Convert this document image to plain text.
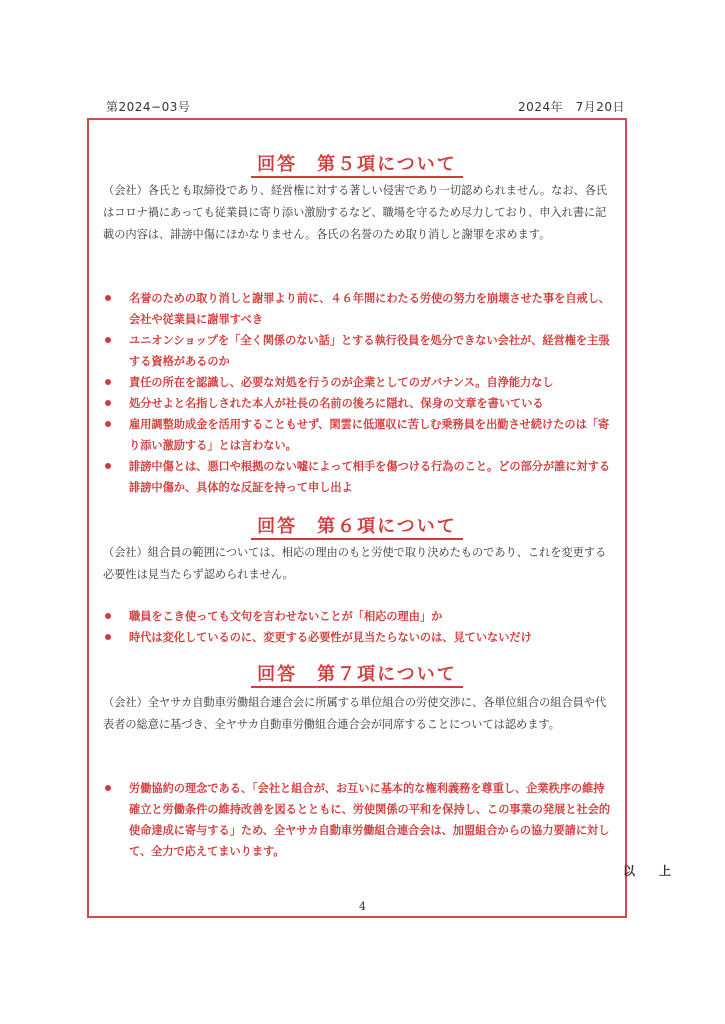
第2024−03号	2024年　7月20日
回答　第５項について
（会社）各氏とも取締役であり、経営権に対する著しい侵害であり一切認められません。なお、各氏はコロナ禍にあっても従業員に寄り添い激励するなど、職場を守るため尽力しており、申入れ書に記載の内容は、誹謗中傷にほかなりません。各氏の名誉のため取り消しと謝罪を求めます。
名誉のための取り消しと謝罪より前に、４６年間にわたる労使の努力を崩壊させた事を自戒し、会社や従業員に謝罪すべき
ユニオンショップを「全く関係のない話」とする執行役員を処分できない会社が、経営権を主張する資格があるのか
責任の所在を認識し、必要な対処を行うのが企業としてのガバナンス。自浄能力なし
処分せよと名指しされた本人が社長の名前の後ろに隠れ、保身の文章を書いている
雇用調整助成金を活用することもせず、閑雲に低運収に苦しむ乗務員を出勤させ続けたのは「寄り添い激励する」とは言わない。
誹謗中傷とは、悪口や根拠のない嘘によって相手を傷つける行為のこと。どの部分が誰に対する誹謗中傷か、具体的な反証を持って申し出よ
回答　第６項について
（会社）組合員の範囲については、相応の理由のもと労使で取り決めたものであり、これを変更する必要性は見当たらず認められません。
職員をこき使っても文句を言わせないことが「相応の理由」か
時代は変化しているのに、変更する必要性が見当たらないのは、見ていないだけ
回答　第７項について
（会社）全ヤサカ自動車労働組合連合会に所属する単位組合の労使交渉に、各単位組合の組合員や代表者の総意に基づき、全ヤサカ自動車労働組合連合会が同席することについては認めます。
労働協約の理念である、「会社と組合が、お互いに基本的な権利義務を尊重し、企業秩序の維持確立と労働条件の維持改善を図るとともに、労使関係の平和を保持し、この事業の発展と社会的使命達成に寄与する」ため、全ヤサカ自動車労働組合連合会は、加盟組合からの協力要請に対して、全力で応えてまいります。
以　上
4
